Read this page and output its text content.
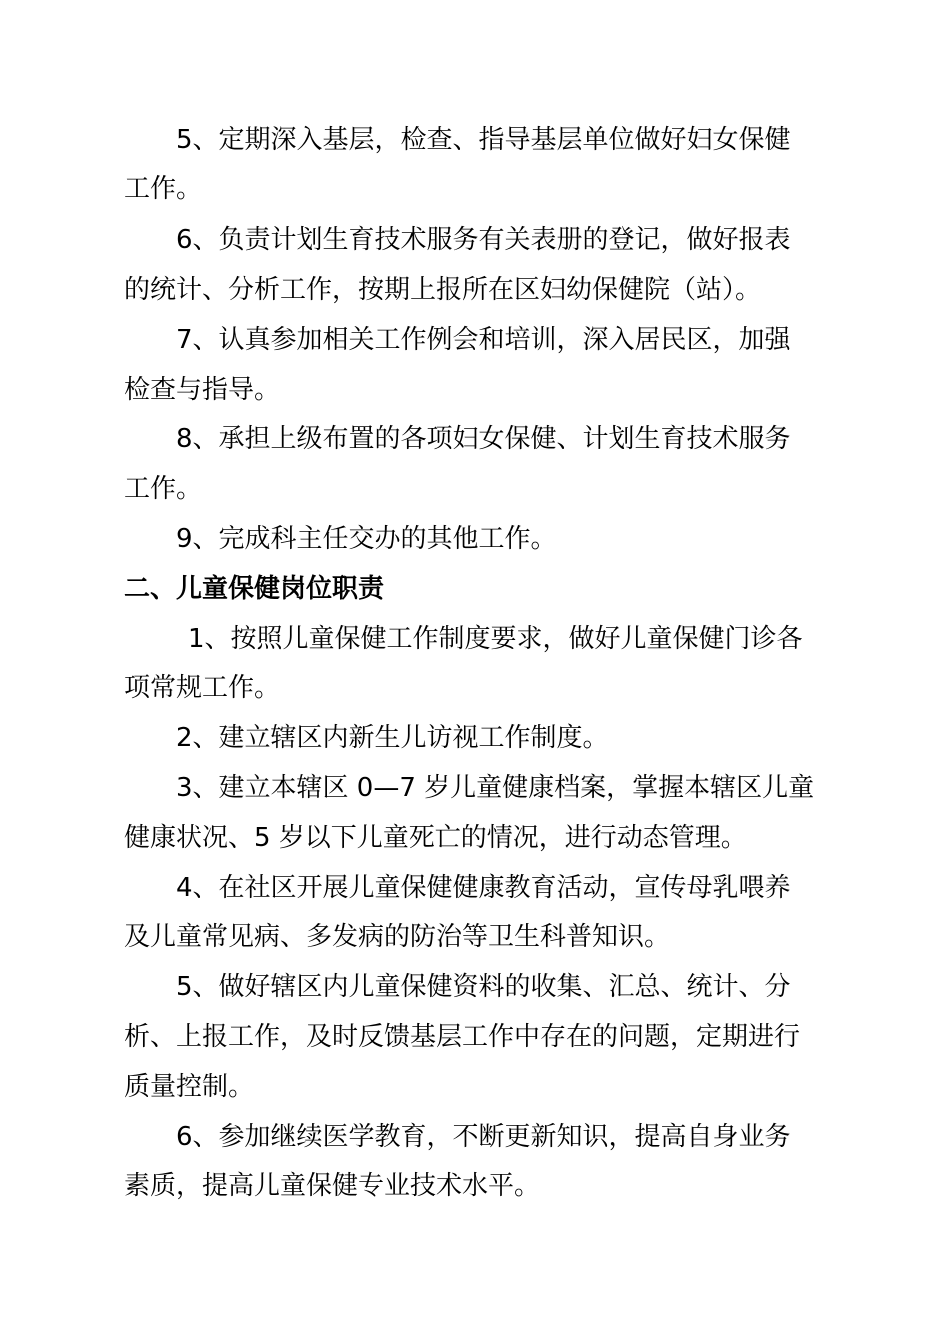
5、定期深入基层，检查、指导基层单位做好妇女保健
工作。
6、负责计划生育技术服务有关表册的登记，做好报表
的统计、分析工作，按期上报所在区妇幼保健院（站）。
7、认真参加相关工作例会和培训，深入居民区，加强
检查与指导。
8、承担上级布置的各项妇女保健、计划生育技术服务
工作。
9、完成科主任交办的其他工作。
二、儿童保健岗位职责
1、按照儿童保健工作制度要求，做好儿童保健门诊各
项常规工作。
2、建立辖区内新生儿访视工作制度。
3、建立本辖区 0—7 岁儿童健康档案，掌握本辖区儿童
健康状况、5 岁以下儿童死亡的情况，进行动态管理。
4、在社区开展儿童保健健康教育活动，宣传母乳喂养
及儿童常见病、多发病的防治等卫生科普知识。
5、做好辖区内儿童保健资料的收集、汇总、统计、分
析、上报工作，及时反馈基层工作中存在的问题，定期进行
质量控制。
6、参加继续医学教育，不断更新知识，提高自身业务
素质，提高儿童保健专业技术水平。
